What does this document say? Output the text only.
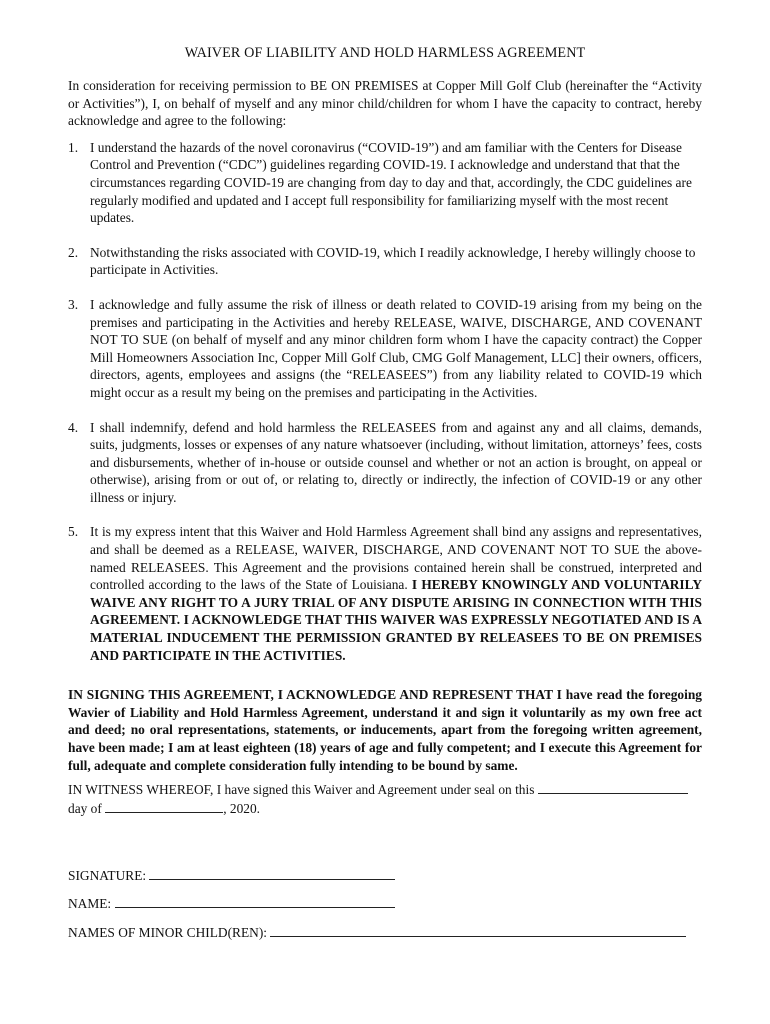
WAIVER OF LIABILITY AND HOLD HARMLESS AGREEMENT

In consideration for receiving permission to BE ON PREMISES at Copper Mill Golf Club (hereinafter the “Activity or Activities”), I, on behalf of myself and any minor child/children for whom I have the capacity to contract, hereby acknowledge and agree to the following:

1. I understand the hazards of the novel coronavirus (“COVID-19”) and am familiar with the Centers for Disease Control and Prevention (“CDC”) guidelines regarding COVID-19. I acknowledge and understand that that the circumstances regarding COVID-19 are changing from day to day and that, accordingly, the CDC guidelines are regularly modified and updated and I accept full responsibility for familiarizing myself with the most recent updates.
2. Notwithstanding the risks associated with COVID-19, which I readily acknowledge, I hereby willingly choose to participate in Activities.
3. I acknowledge and fully assume the risk of illness or death related to COVID-19 arising from my being on the premises and participating in the Activities and hereby RELEASE, WAIVE, DISCHARGE, AND COVENANT NOT TO SUE (on behalf of myself and any minor children form whom I have the capacity contract) the Copper Mill Homeowners Association Inc, Copper Mill Golf Club, CMG Golf Management, LLC] their owners, officers, directors, agents, employees and assigns (the “RELEASEES”) from any liability related to COVID-19 which might occur as a result my being on the premises and participating in the Activities.
4. I shall indemnify, defend and hold harmless the RELEASEES from and against any and all claims, demands, suits, judgments, losses or expenses of any nature whatsoever (including, without limitation, attorneys’ fees, costs and disbursements, whether of in-house or outside counsel and whether or not an action is brought, on appeal or otherwise), arising from or out of, or relating to, directly or indirectly, the infection of COVID-19 or any other illness or injury.
5. It is my express intent that this Waiver and Hold Harmless Agreement shall bind any assigns and representatives, and shall be deemed as a RELEASE, WAIVER, DISCHARGE, AND COVENANT NOT TO SUE the above-named RELEASEES. This Agreement and the provisions contained herein shall be construed, interpreted and controlled according to the laws of the State of Louisiana. I HEREBY KNOWINGLY AND VOLUNTARILY WAIVE ANY RIGHT TO A JURY TRIAL OF ANY DISPUTE ARISING IN CONNECTION WITH THIS AGREEMENT. I ACKNOWLEDGE THAT THIS WAIVER WAS EXPRESSLY NEGOTIATED AND IS A MATERIAL INDUCEMENT THE PERMISSION GRANTED BY RELEASEES TO BE ON PREMISES AND PARTICIPATE IN THE ACTIVITIES.

IN SIGNING THIS AGREEMENT, I ACKNOWLEDGE AND REPRESENT THAT I have read the foregoing Wavier of Liability and Hold Harmless Agreement, understand it and sign it voluntarily as my own free act and deed; no oral representations, statements, or inducements, apart from the foregoing written agreement, have been made; I am at least eighteen (18) years of age and fully competent; and I execute this Agreement for full, adequate and complete consideration fully intending to be bound by same.

IN WITNESS WHEREOF, I have signed this Waiver and Agreement under seal on this
day of	, 2020.

SIGNATURE:
NAME:
NAMES OF MINOR CHILD(REN):
